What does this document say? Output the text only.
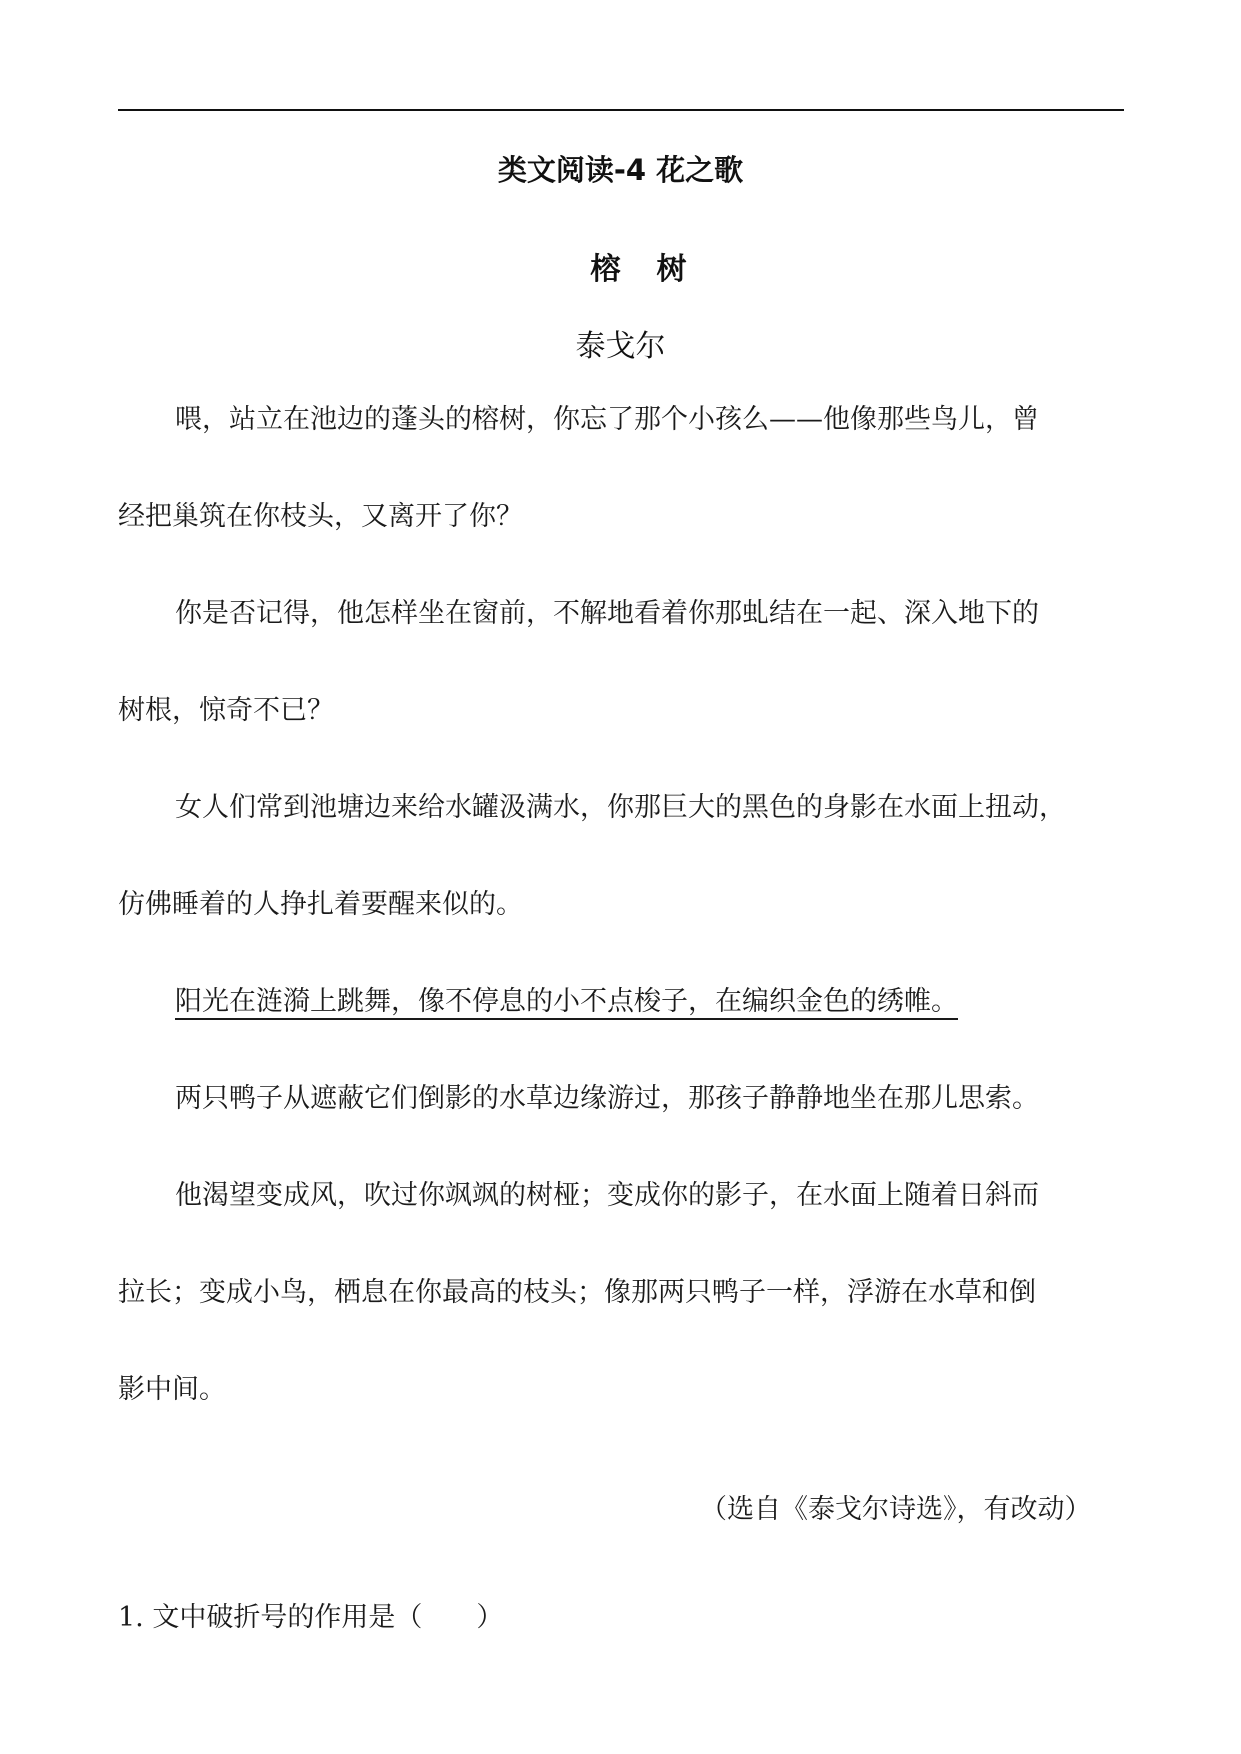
类文阅读-4 花之歌
榕树
泰戈尔

喂，站立在池边的蓬头的榕树，你忘了那个小孩么——他像那些鸟儿，曾

经把巢筑在你枝头，又离开了你？

你是否记得，他怎样坐在窗前，不解地看着你那虬结在一起、深入地下的

树根，惊奇不已？

女人们常到池塘边来给水罐汲满水，你那巨大的黑色的身影在水面上扭动，

仿佛睡着的人挣扎着要醒来似的。

阳光在涟漪上跳舞，像不停息的小不点梭子，在编织金色的绣帷。

两只鸭子从遮蔽它们倒影的水草边缘游过，那孩子静静地坐在那儿思索。

他渴望变成风，吹过你飒飒的树桠；变成你的影子，在水面上随着日斜而

拉长；变成小鸟，栖息在你最高的枝头；像那两只鸭子一样，浮游在水草和倒

影中间。

（选自《泰戈尔诗选》，有改动）
1. 文中破折号的作用是（　　）
